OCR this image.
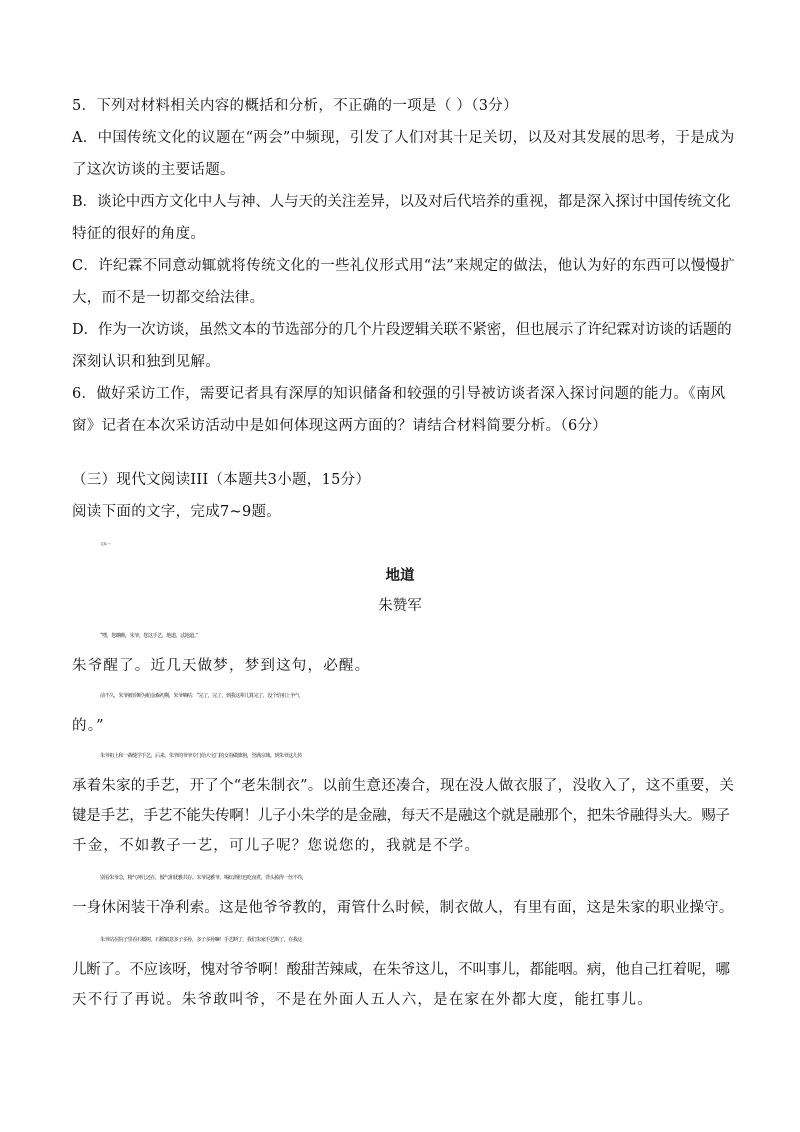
5．下列对材料相关内容的概括和分析，不正确的一项是（ ）（3分）
A．中国传统文化的议题在“两会”中频现，引发了人们对其十足关切，以及对其发展的思考，于是成为
了这次访谈的主要话题。
B．谈论中西方文化中人与神、人与天的关注差异，以及对后代培养的重视，都是深入探讨中国传统文化
特征的很好的角度。
C．许纪霖不同意动辄就将传统文化的一些礼仪形式用“法”来规定的做法，他认为好的东西可以慢慢扩
大，而不是一切都交给法律。
D．作为一次访谈，虽然文本的节选部分的几个片段逻辑关联不紧密，但也展示了许纪霖对访谈的话题的
深刻认识和独到见解。
6．做好采访工作，需要记者具有深厚的知识储备和较强的引导被访谈者深入探讨问题的能力。《南风
窗》记者在本次采访活动中是如何体现这两方面的？请结合材料简要分析。（6分）
（三）现代文阅读III（本题共3小题，15分）
阅读下面的文字，完成7~9题。
文本一：
地道
朱赞军
“嘿，您瞧瞧，朱爷，您这手艺，地道，忒地道。”
朱爷醒了。近几天做梦，梦到这句，必醒。
前不久，朱爷被诊断为帕金森初期，朱爷嘀咕：“完了，完了，到我这辈儿算完了，没个给祖上争气
的。”
朱爷祖上和一裁缝学手艺，后来，朱爷的爷爷专门给大宅门的女眷做旗袍，誉满京城。到朱爷这儿传
承着朱家的手艺，开了个“老朱制衣”。以前生意还凑合，现在没人做衣服了，没收入了，这不重要，关
键是手艺，手艺不能失传啊！儿子小朱学的是金融，每天不是融这个就是融那个，把朱爷融得头大。赐子
千金，不如教子一艺，可儿子呢？您说您的，我就是不学。
别看朱爷急，精气神儿还在，傲气和优雅共存。朱爷是雅爷，喝红酒但也吃卤煮，背头梳得一丝不苟，
一身休闲装干净利索。这是他爷爷教的，甭管什么时候，制衣做人，有里有面，这是朱家的职业操守。
朱爷站在院子里看石榴树。石榴寓意多子多孙，多子多孙嘛！手艺断了，我们朱家手艺断了，在我这
儿断了。不应该呀，愧对爷爷啊！酸甜苦辣咸，在朱爷这儿，不叫事儿，都能咽。病，他自己扛着呢，哪
天不行了再说。朱爷敢叫爷，不是在外面人五人六，是在家在外都大度，能扛事儿。
